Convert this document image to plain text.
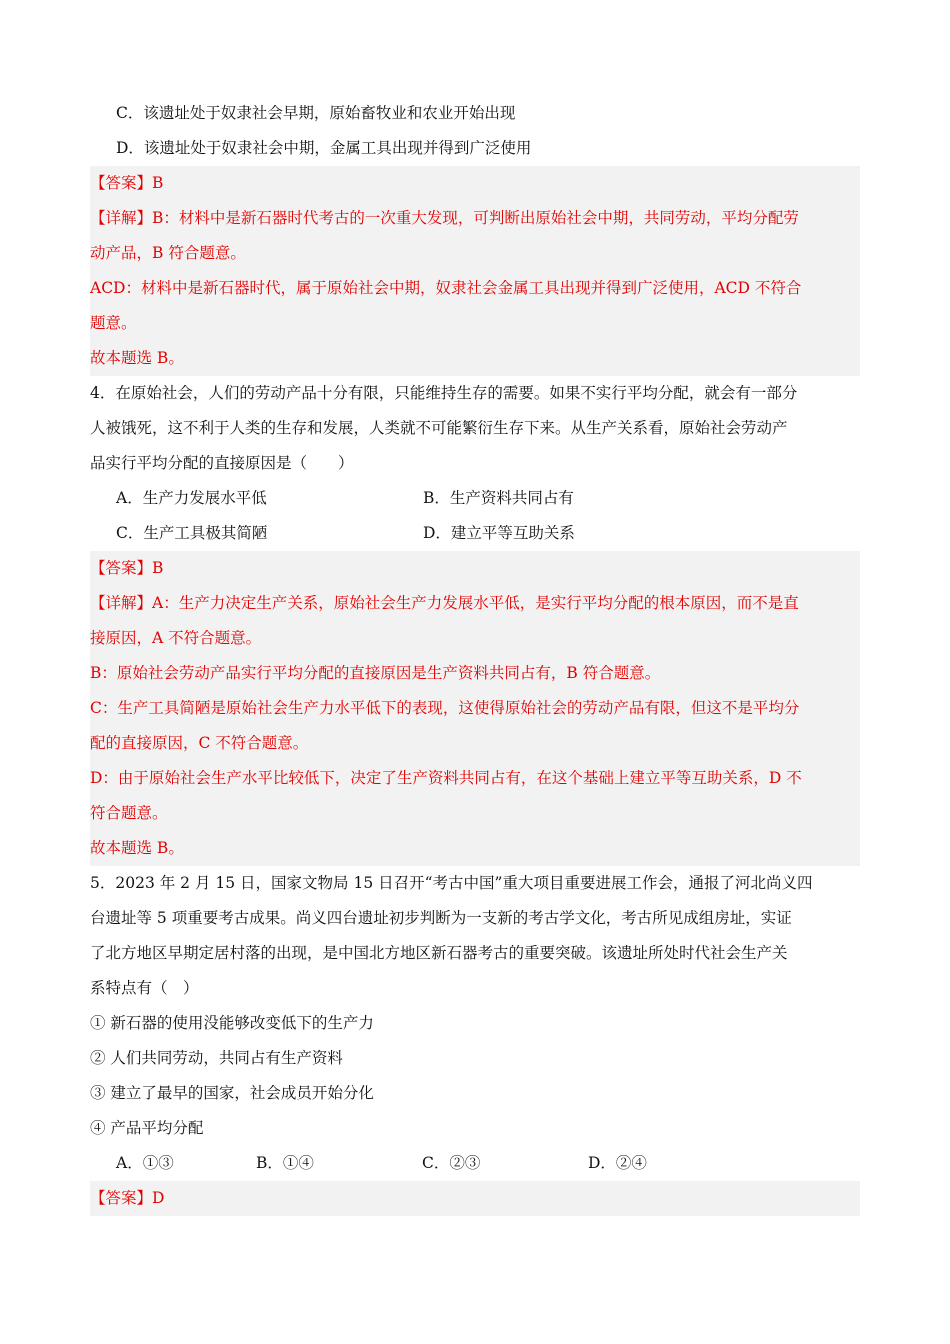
C．该遗址处于奴隶社会早期，原始畜牧业和农业开始出现
D．该遗址处于奴隶社会中期，金属工具出现并得到广泛使用
【答案】B
【详解】B：材料中是新石器时代考古的一次重大发现，可判断出原始社会中期，共同劳动，平均分配劳
动产品，B 符合题意。
ACD：材料中是新石器时代，属于原始社会中期，奴隶社会金属工具出现并得到广泛使用，ACD 不符合
题意。
故本题选 B。
4．在原始社会，人们的劳动产品十分有限，只能维持生存的需要。如果不实行平均分配，就会有一部分
人被饿死，这不利于人类的生存和发展，人类就不可能繁衍生存下来。从生产关系看，原始社会劳动产
品实行平均分配的直接原因是（　　）
A．生产力发展水平低	B．生产资料共同占有
C．生产工具极其简陋	D．建立平等互助关系
【答案】B
【详解】A：生产力决定生产关系，原始社会生产力发展水平低，是实行平均分配的根本原因，而不是直
接原因，A 不符合题意。
B：原始社会劳动产品实行平均分配的直接原因是生产资料共同占有，B 符合题意。
C：生产工具简陋是原始社会生产力水平低下的表现，这使得原始社会的劳动产品有限，但这不是平均分
配的直接原因，C 不符合题意。
D：由于原始社会生产水平比较低下，决定了生产资料共同占有，在这个基础上建立平等互助关系，D 不
符合题意。
故本题选 B。
5．2023 年 2 月 15 日，国家文物局 15 日召开“考古中国”重大项目重要进展工作会，通报了河北尚义四
台遗址等 5 项重要考古成果。尚义四台遗址初步判断为一支新的考古学文化，考古所见成组房址，实证
了北方地区早期定居村落的出现，是中国北方地区新石器考古的重要突破。该遗址所处时代社会生产关
系特点有（　）
① 新石器的使用没能够改变低下的生产力
② 人们共同劳动，共同占有生产资料
③ 建立了最早的国家，社会成员开始分化
④ 产品平均分配
A．①③	B．①④	C．②③	D．②④
【答案】D
